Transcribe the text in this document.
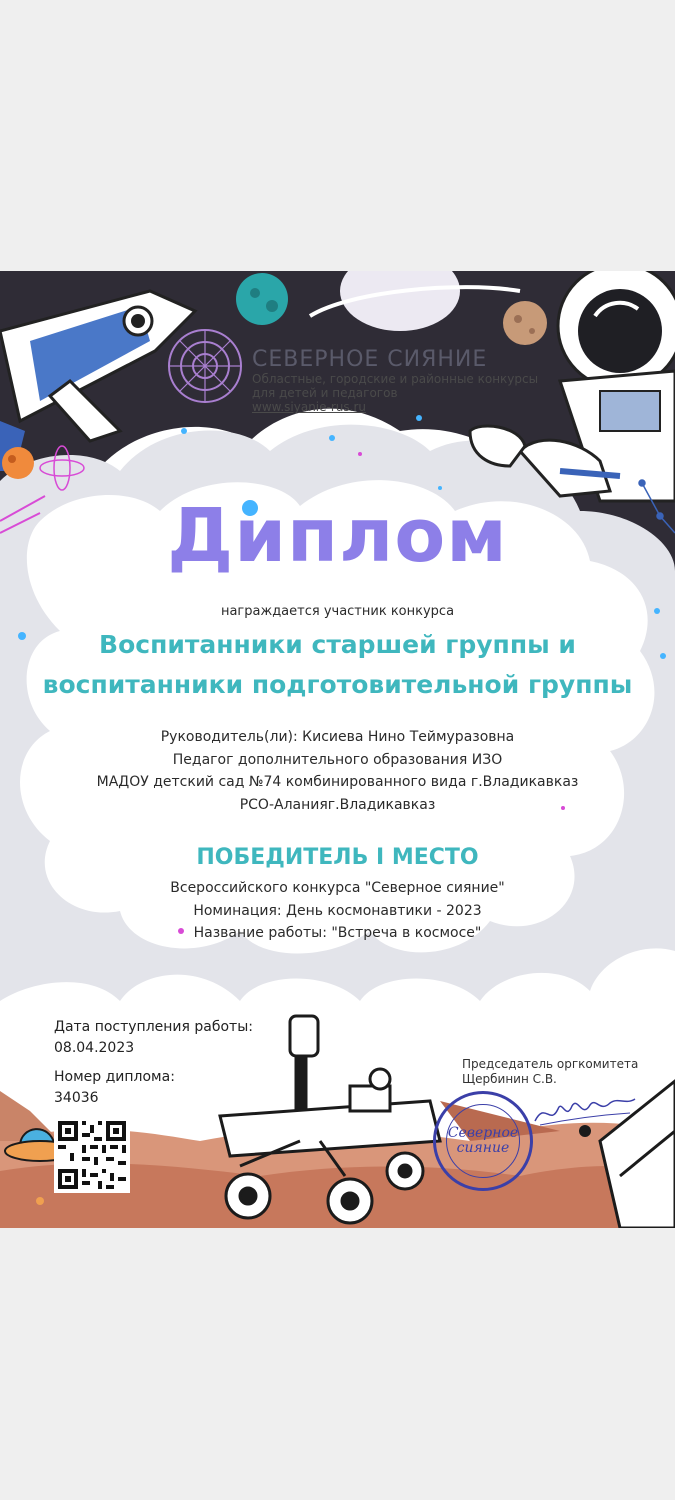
СЕВЕРНОЕ СИЯНИЕ
Областные, городские и районные конкурсы
для детей и педагогов
www.siyanie-rus.ru
Диплом
награждается участник конкурса
Воспитанники старшей группы и
воспитанники подготовительной группы
Руководитель(ли): Кисиева Нино Теймуразовна
Педагог дополнительного образования ИЗО
МАДОУ детский сад №74 комбинированного вида г.Владикавказ
РСО-Аланияг.Владикавказ
ПОБЕДИТЕЛЬ I МЕСТО
Всероссийского конкурса "Северное сияние"
Номинация: День космонавтики - 2023
Название работы: "Встреча в космосе"
Дата поступления работы:
08.04.2023
Номер диплома:
34036
Председатель оргкомитета
Щербинин С.В.
Северное
сияние
